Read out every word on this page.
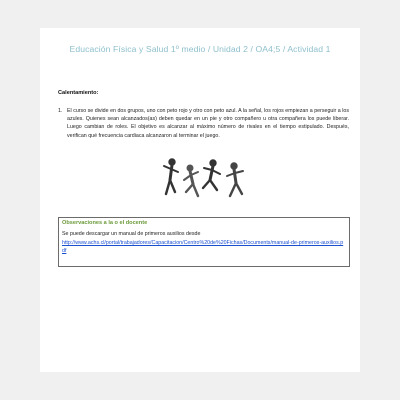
Educación Física y Salud 1º medio / Unidad 2 / OA4;5 / Actividad 1
Calentamiento:
1. El curso se divide en dos grupos, uno con peto rojo y otro con peto azul. A la señal, los rojos empiezan a perseguir a los azules. Quienes sean alcanzados(as) deben quedar en un pie y otro compañero u otra compañera los puede liberar. Luego cambian de roles. El objetivo es alcanzar al máximo número de rivales en el tiempo estipulado. Después, verifican qué frecuencia cardiaca alcanzaron al terminar el juego.
Observaciones a la o el docente
Se puede descargar un manual de primeros auxilios desde
http://www.achs.cl/portal/trabajadores/Capacitacion/Centro%20de%20Fichas/Documents/manual-de-primeros-auxilios.pdf
